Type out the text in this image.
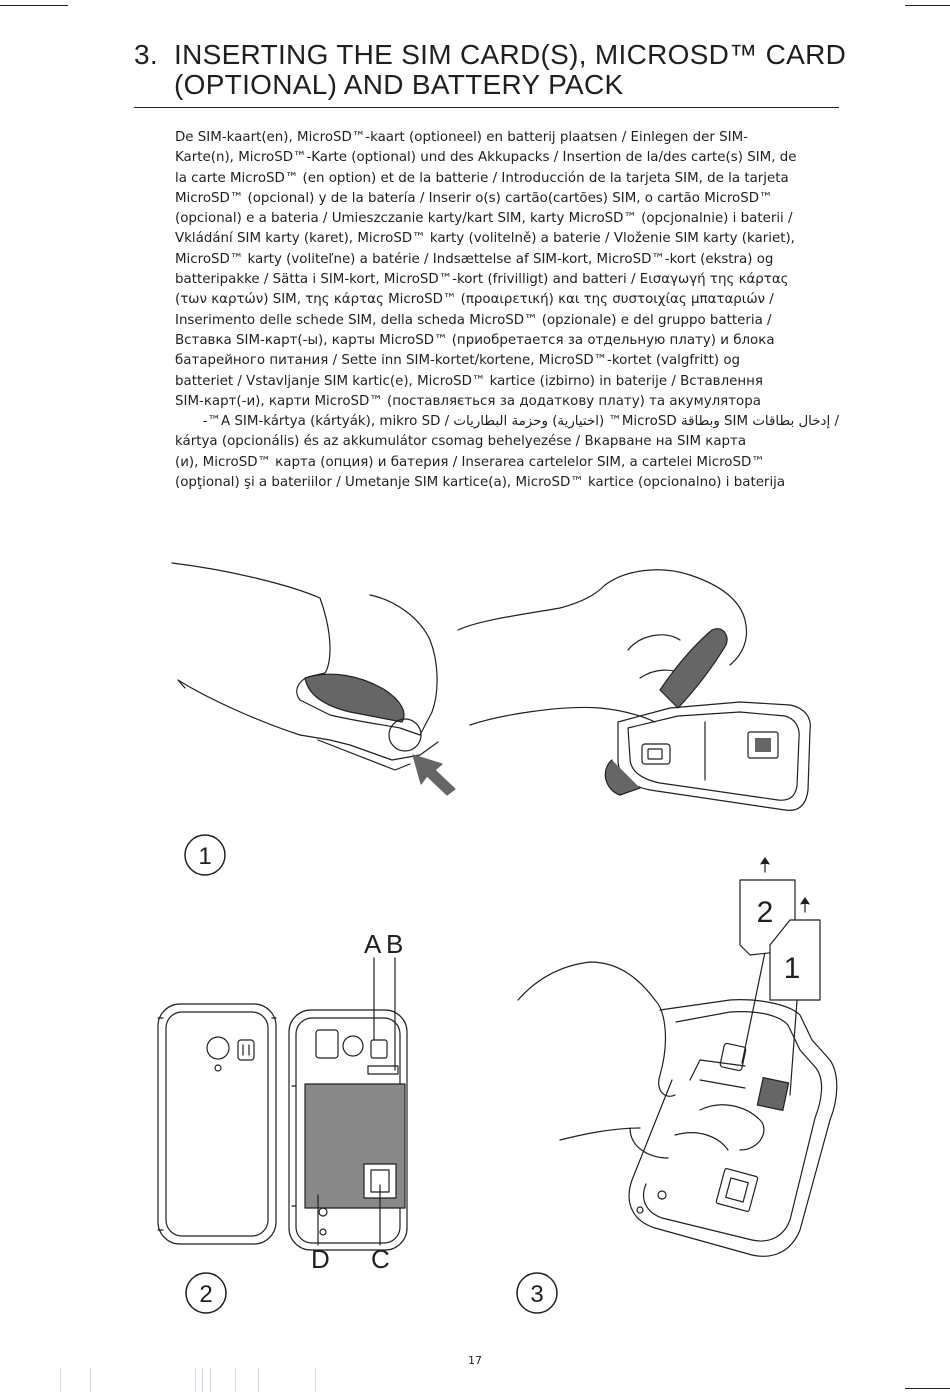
3. INSERTING THE SIM CARD(S), MICROSD™ CARD
(OPTIONAL) AND BATTERY PACK
De SIM-kaart(en), MicroSD™-kaart (optioneel) en batterij plaatsen / Einlegen der SIM-
Karte(n), MicroSD™-Karte (optional) und des Akkupacks / Insertion de la/des carte(s) SIM, de
la carte MicroSD™ (en option) et de la batterie / Introducción de la tarjeta SIM, de la tarjeta
MicroSD™ (opcional) y de la batería / Inserir o(s) cartão(cartões) SIM, o cartão MicroSD™
(opcional) e a bateria / Umieszczanie karty/kart SIM, karty MicroSD™ (opcjonalnie) i baterii /
Vkládání SIM karty (karet), MicroSD™ karty (volitelně) a baterie / Vloženie SIM karty (kariet),
MicroSD™ karty (voliteľne) a batérie / Indsættelse af SIM-kort, MicroSD™-kort (ekstra) og
batteripakke / Sätta i SIM-kort, MicroSD™-kort (frivilligt) and batteri / Εισαγωγή της κάρτας
(των καρτών) SIM, της κάρτας MicroSD™ (προαιρετική) και της συστοιχίας μπαταριών /
Inserimento delle schede SIM, della scheda MicroSD™ (opzionale) e del gruppo batteria /
Вставка SIM-карт(-ы), карты MicroSD™ (приобретается за отдельную плату) и блока
батарейного питания / Sette inn SIM-kortet/kortene, MicroSD™-kortet (valgfritt) og
batteriet / Vstavljanje SIM kartic(e), MicroSD™ kartice (izbirno) in baterije / Вставлення
SIM-карт(-и), карти MicroSD™ (поставляється за додаткову плату) та акумулятора
/ إدخال بطاقات SIM وبطاقة MicroSD™ (اختيارية) وحزمة البطاريات / A SIM-kártya (kártyák), mikro SD™-
kártya (opcionális) és az akkumulátor csomag behelyezése / Вкарване на SIM карта
(и), MicroSD™ карта (опция) и батерия / Inserarea cartelelor SIM, a cartelei MicroSD™
(opţional) şi a bateriilor / Umetanje SIM kartice(a), MicroSD™ kartice (opcionalno) i baterija
1
A B
D C
2
2
1
3
17
